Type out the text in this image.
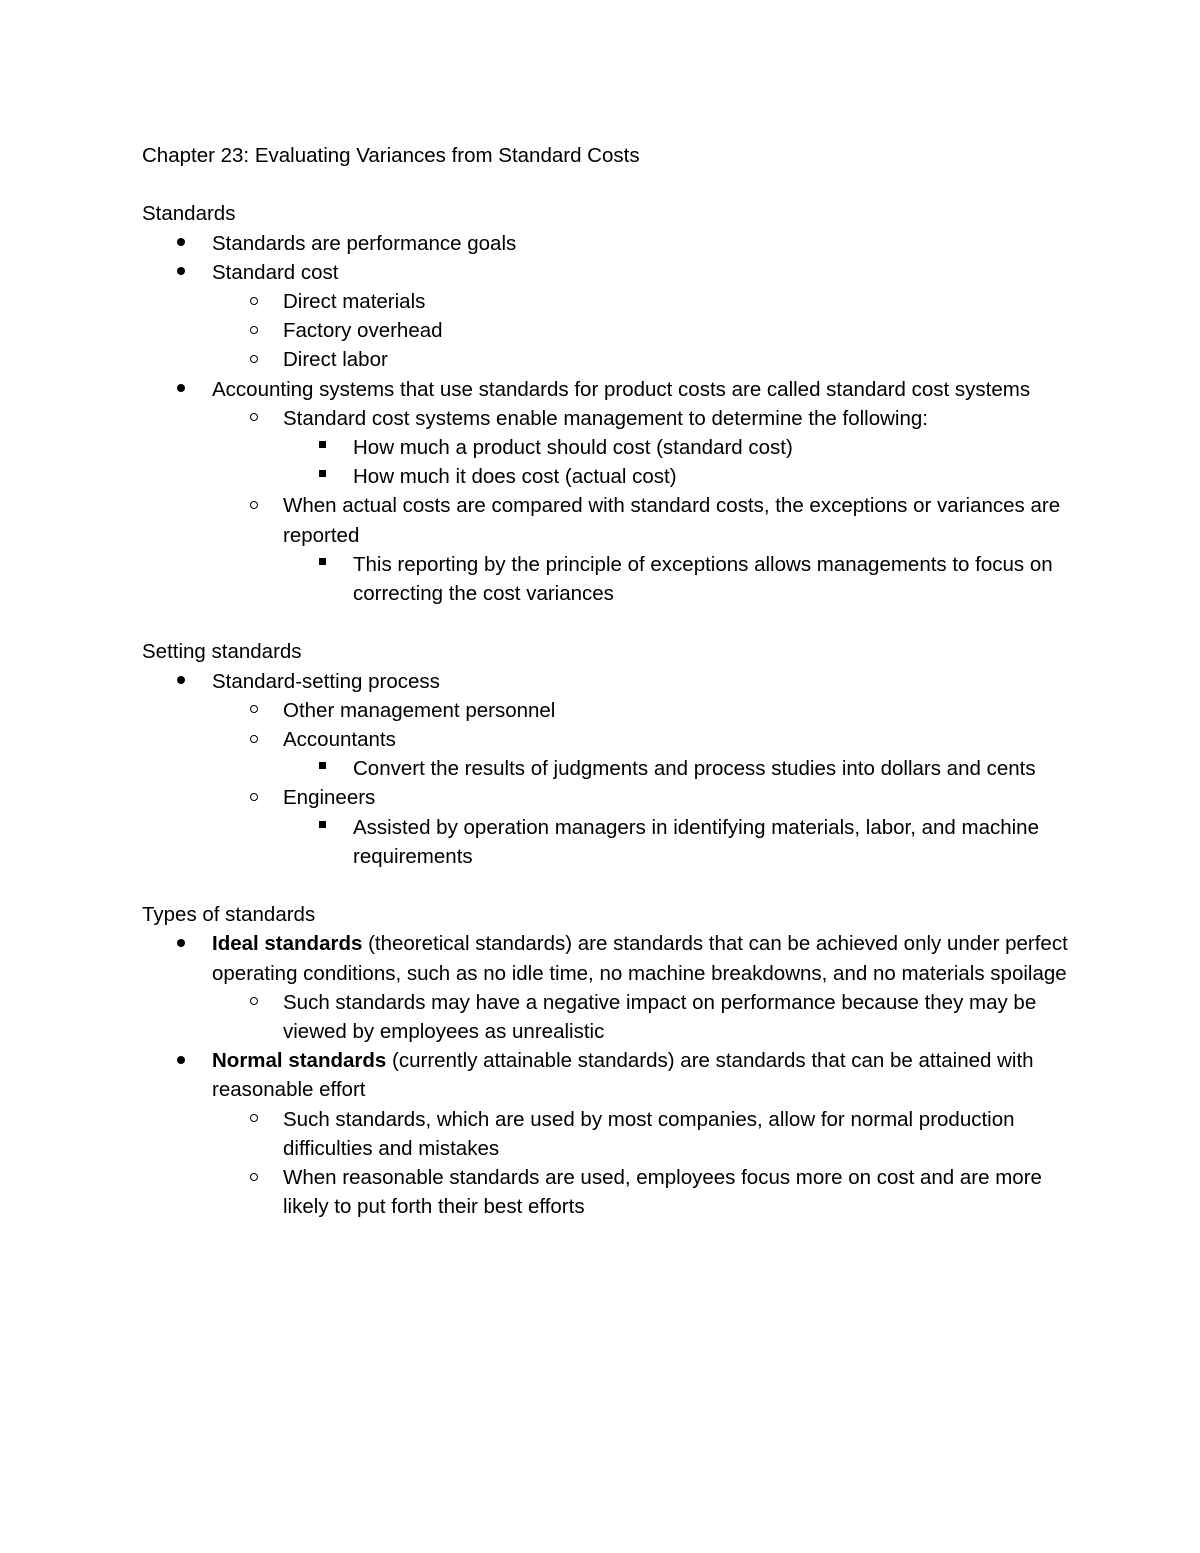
Chapter 23: Evaluating Variances from Standard Costs

Standards

Standards are performance goals
Standard cost
Direct materials
Factory overhead
Direct labor
Accounting systems that use standards for product costs are called standard cost systems
Standard cost systems enable management to determine the following:
How much a product should cost (standard cost)
How much it does cost (actual cost)
When actual costs are compared with standard costs, the exceptions or variances are reported
This reporting by the principle of exceptions allows managements to focus on correcting the cost variances

Setting standards

Standard-setting process
Other management personnel
Accountants
Convert the results of judgments and process studies into dollars and cents
Engineers
Assisted by operation managers in identifying materials, labor, and machine requirements

Types of standards

Ideal standards (theoretical standards) are standards that can be achieved only under perfect operating conditions, such as no idle time, no machine breakdowns, and no materials spoilage
Such standards may have a negative impact on performance because they may be viewed by employees as unrealistic
Normal standards (currently attainable standards) are standards that can be attained with reasonable effort
Such standards, which are used by most companies, allow for normal production difficulties and mistakes
When reasonable standards are used, employees focus more on cost and are more likely to put forth their best efforts
